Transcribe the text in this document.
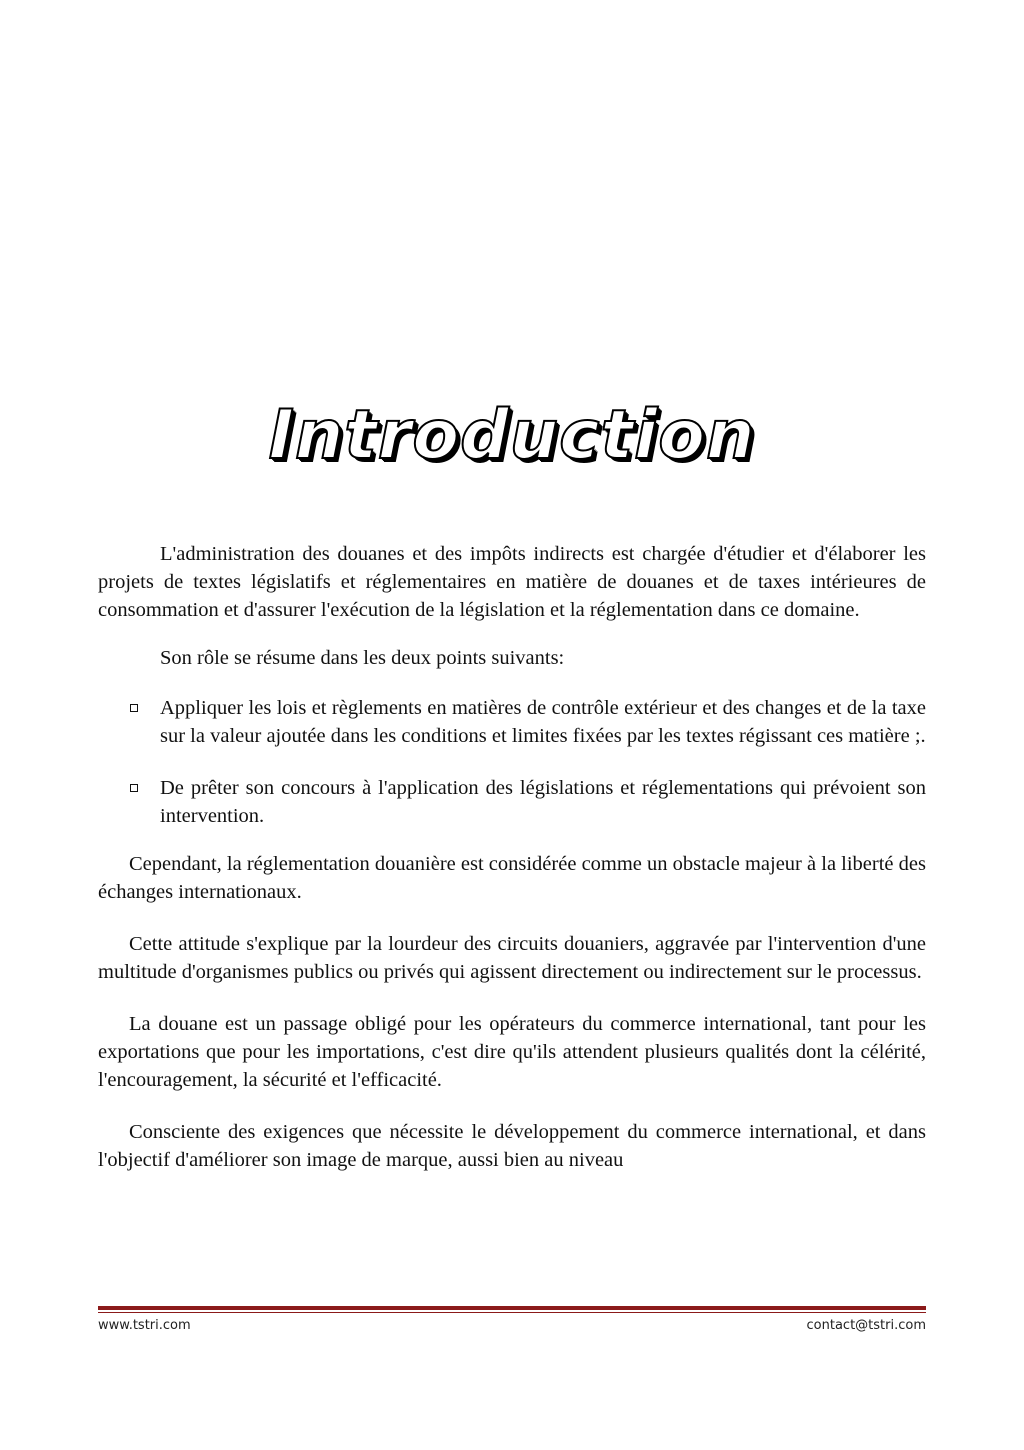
Introduction

L'administration des douanes et des impôts indirects est chargée d'étudier et d'élaborer les projets de textes législatifs et réglementaires en matière de douanes et de taxes intérieures de consommation et d'assurer l'exécution de la législation et la réglementation dans ce domaine.

Son rôle se résume dans les deux points suivants:

Appliquer les lois et règlements en matières de contrôle extérieur et des changes et de la taxe sur la valeur ajoutée dans les conditions et limites fixées par les textes régissant ces matière ;.
De prêter son concours à l'application des législations et réglementations qui prévoient son intervention.

Cependant, la réglementation douanière est considérée comme un obstacle majeur à la liberté des échanges internationaux.

Cette attitude s'explique par la lourdeur des circuits douaniers, aggravée par l'intervention d'une multitude d'organismes publics ou privés qui agissent directement ou indirectement sur le processus.

La douane est un passage obligé pour les opérateurs du commerce international, tant pour les exportations que pour les importations, c'est dire qu'ils attendent plusieurs qualités dont la célérité, l'encouragement, la sécurité et l'efficacité.

Consciente des exigences que nécessite le développement du commerce international, et dans l'objectif d'améliorer son image de marque, aussi bien au niveau

www.tstri.com	contact@tstri.com
